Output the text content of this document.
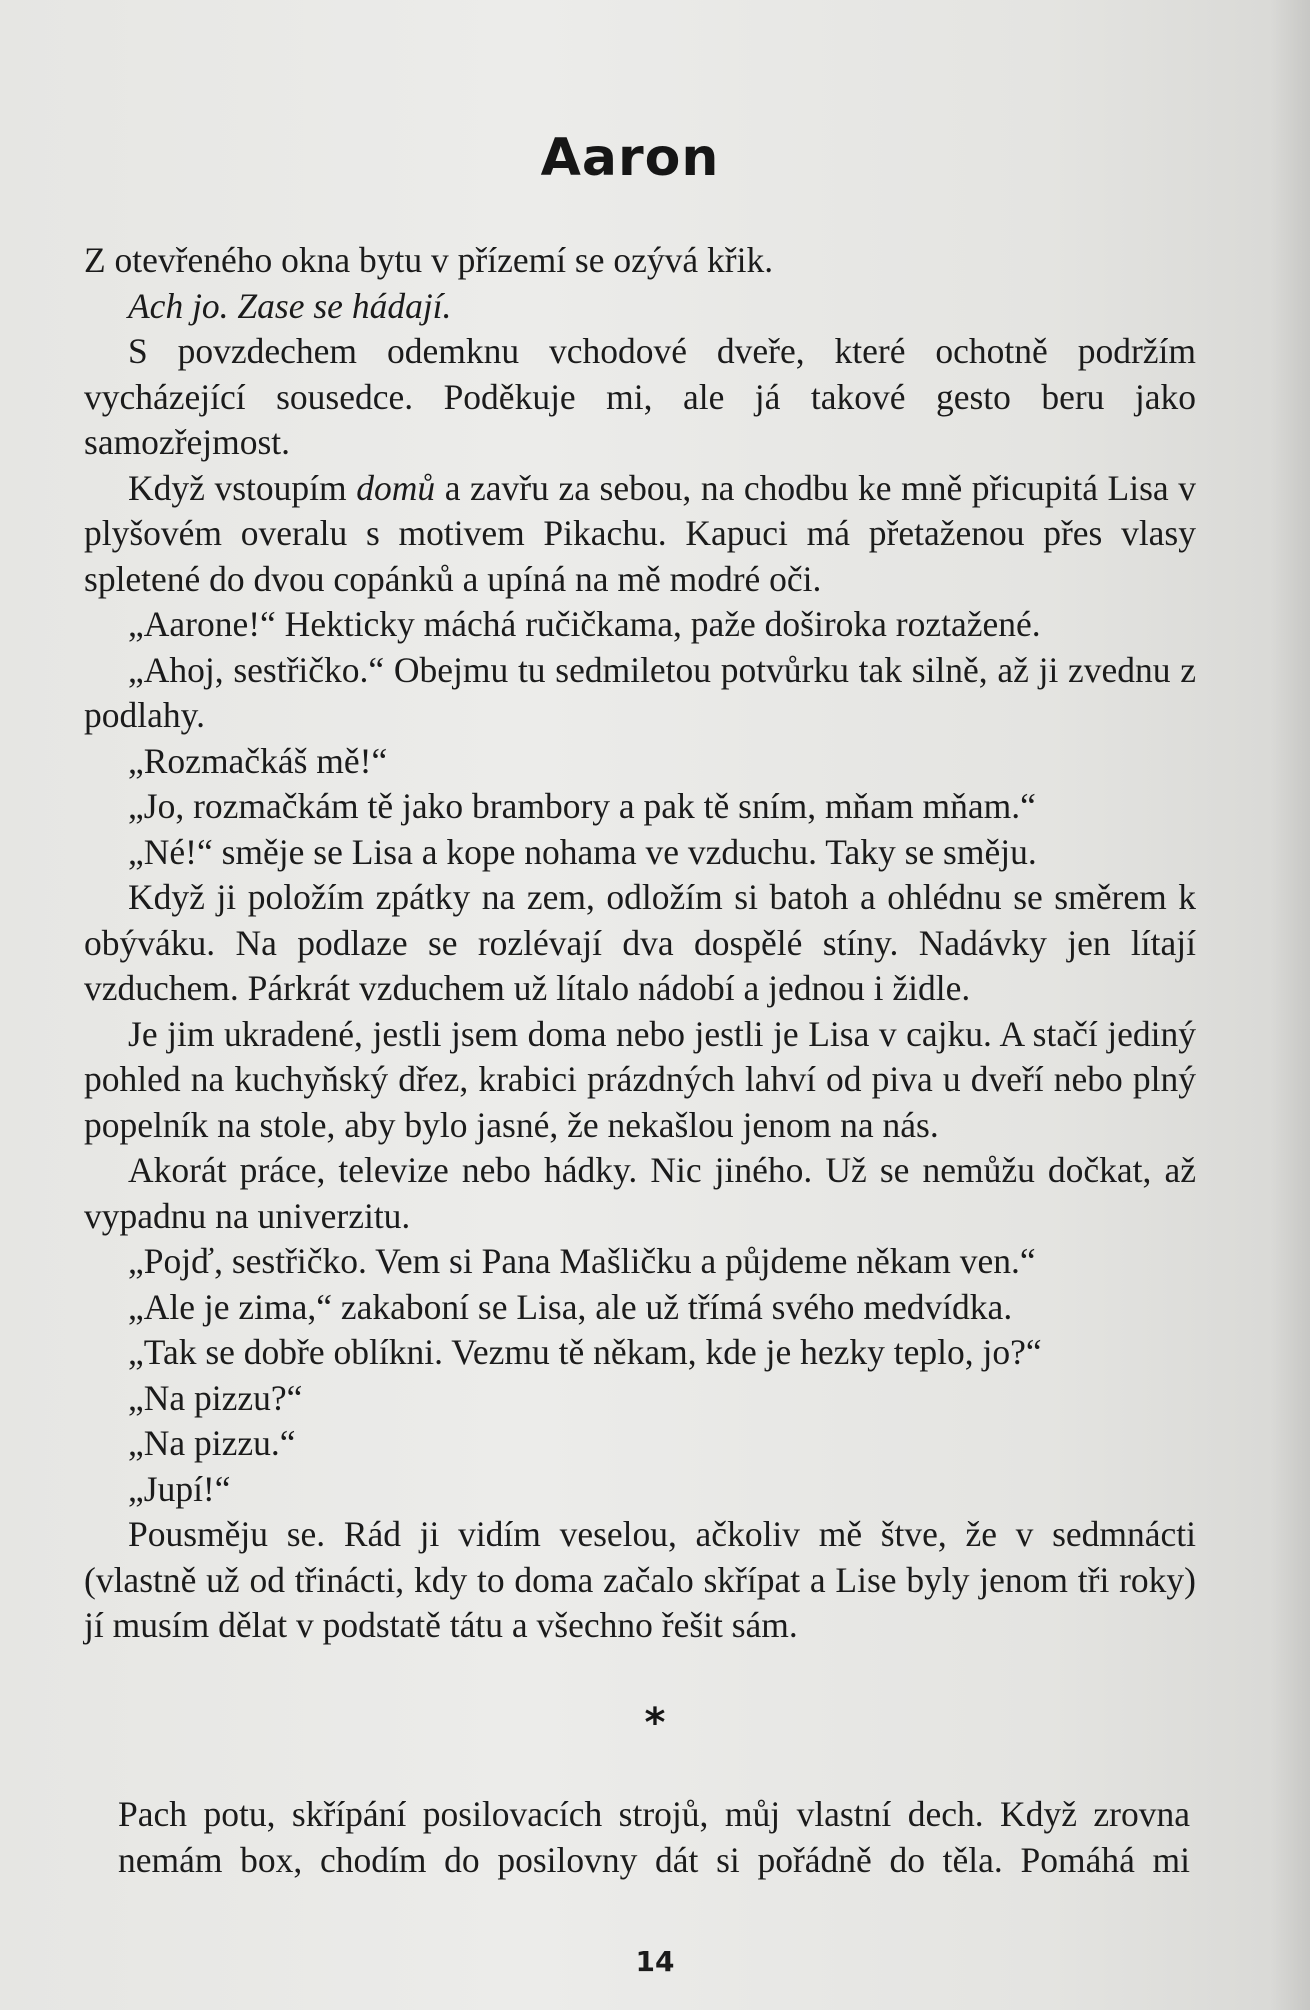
Aaron

Z otevřeného okna bytu v přízemí se ozývá křik.

Ach jo. Zase se hádají.

S povzdechem odemknu vchodové dveře, které ochotně podržím vycházející sousedce. Poděkuje mi, ale já takové gesto beru jako samozřejmost.

Když vstoupím domů a zavřu za sebou, na chodbu ke mně přicupitá Lisa v plyšovém overalu s motivem Pikachu. Kapuci má přetaženou přes vlasy spletené do dvou copánků a upíná na mě modré oči.

„Aarone!“ Hekticky máchá ručičkama, paže doširoka roztažené.

„Ahoj, sestřičko.“ Obejmu tu sedmiletou potvůrku tak silně, až ji zvednu z podlahy.

„Rozmačkáš mě!“

„Jo, rozmačkám tě jako brambory a pak tě sním, mňam mňam.“

„Né!“ směje se Lisa a kope nohama ve vzduchu. Taky se směju.

Když ji položím zpátky na zem, odložím si batoh a ohlédnu se směrem k obýváku. Na podlaze se rozlévají dva dospělé stíny. Nadávky jen lítají vzduchem. Párkrát vzduchem už lítalo nádobí a jednou i židle.

Je jim ukradené, jestli jsem doma nebo jestli je Lisa v cajku. A stačí jediný pohled na kuchyňský dřez, krabici prázdných lahví od piva u dveří nebo plný popelník na stole, aby bylo jasné, že nekašlou jenom na nás.

Akorát práce, televize nebo hádky. Nic jiného. Už se nemůžu dočkat, až vypadnu na univerzitu.

„Pojď, sestřičko. Vem si Pana Mašličku a půjdeme někam ven.“

„Ale je zima,“ zakaboní se Lisa, ale už třímá svého medvídka.

„Tak se dobře oblíkni. Vezmu tě někam, kde je hezky teplo, jo?“

„Na pizzu?“

„Na pizzu.“

„Jupí!“

Pousměju se. Rád ji vidím veselou, ačkoliv mě štve, že v sedmnácti (vlastně už od třinácti, kdy to doma začalo skřípat a Lise byly jenom tři roky) jí musím dělat v podstatě tátu a všechno řešit sám.

*

Pach potu, skřípání posilovacích strojů, můj vlastní dech. Když zrovna nemám box, chodím do posilovny dát si pořádně do těla. Pomáhá mi

14
